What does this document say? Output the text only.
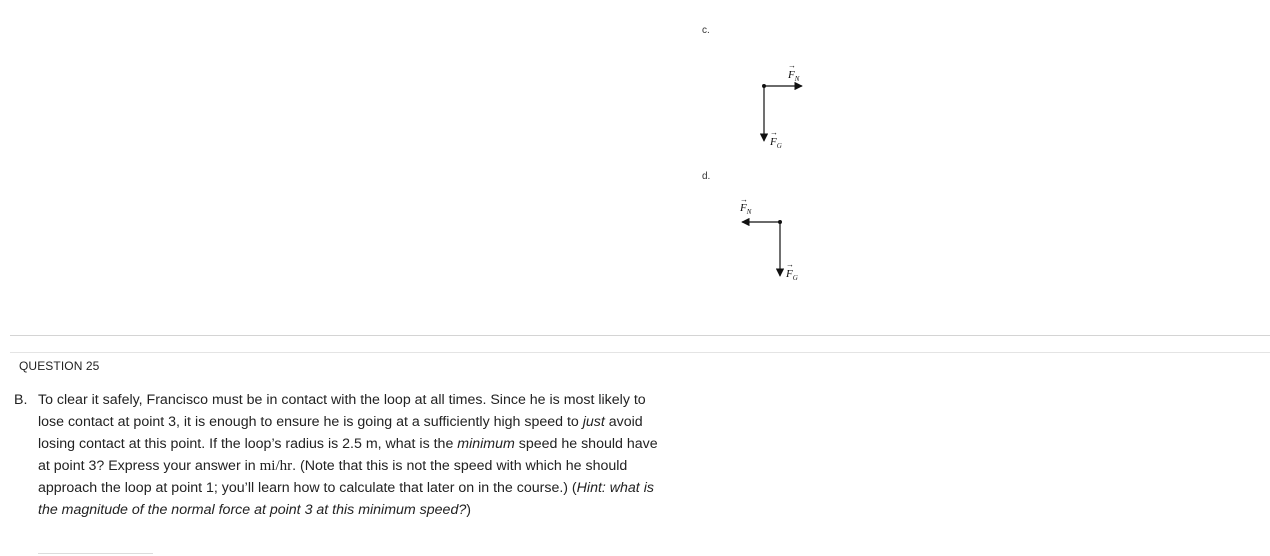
c.
d.
$F_N$
→
$F_G$
→
$F_N$
→
$F_G$
→
QUESTION 25
B. To clear it safely, Francisco must be in contact with the loop at all times. Since he is most likely to lose contact at point 3, it is enough to ensure he is going at a sufficiently high speed to just avoid losing contact at this point. If the loop’s radius is 2.5 m, what is the minimum speed he should have at point 3? Express your answer in mi/hr. (Note that this is not the speed with which he should approach the loop at point 1; you’ll learn how to calculate that later on in the course.) (Hint: what is the magnitude of the normal force at point 3 at this minimum speed?)
